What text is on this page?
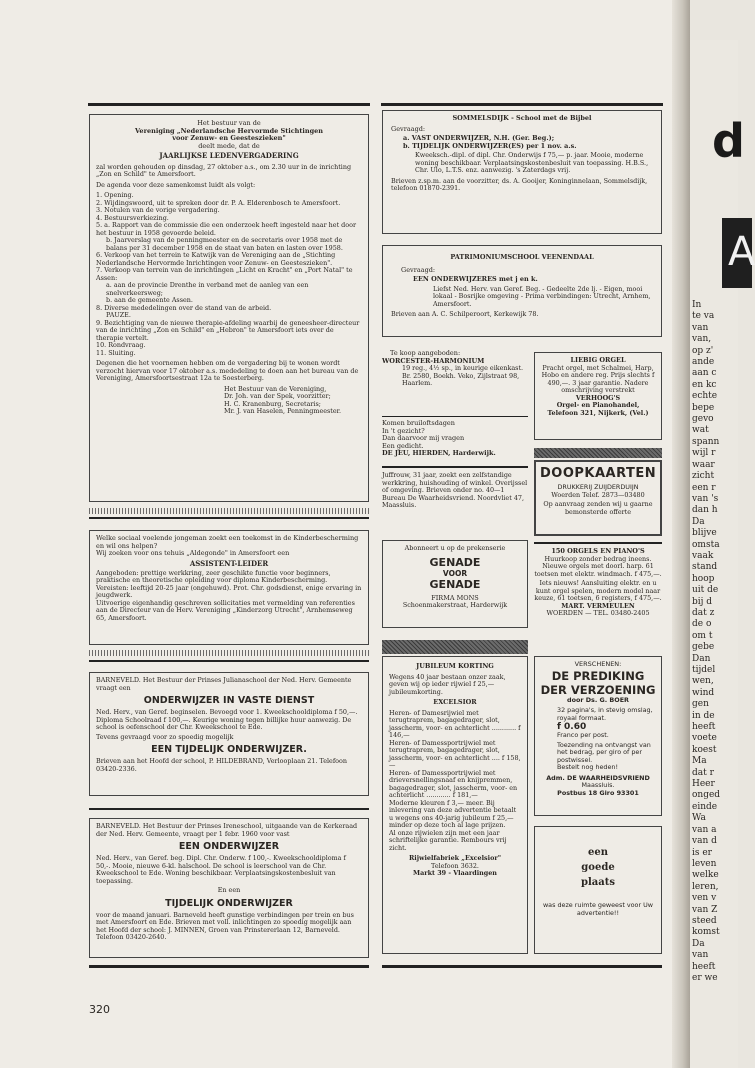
Het bestuur van de
Vereniging „Nederlandsche Hervormde Stichtingen
voor Zenuw- en Geesteszieken"
deelt mede, dat de
JAARLIJKSE LEDENVERGADERING

zal worden gehouden op dinsdag, 27 oktober a.s., om 2.30 uur in de inrichting „Zon en Schild" te Amersfoort.

De agenda voor deze samenkomst luidt als volgt:

1. Opening.
2. Wijdingswoord, uit te spreken door dr. P. A. Elderenbosch te Amersfoort.
3. Notulen van de vorige vergadering.
4. Bestuursverkiezing.
5. a. Rapport van de commissie die een onderzoek heeft ingesteld naar het door het bestuur in 1958 gevoerde beleid.
b. Jaarverslag van de penningmeester en de secretaris over 1958 met de balans per 31 december 1958 en de staat van baten en lasten over 1958.
6. Verkoop van het terrein te Katwijk van de Vereniging aan de „Stichting Nederlandsche Hervormde Inrichtingen voor Zenuw- en Geesteszieken".
7. Verkoop van terrein van de inrichtingen „Licht en Kracht" en „Port Natal" te Assen:
a. aan de provincie Drenthe in verband met de aanleg van een snelverkeersweg;
b. aan de gemeente Assen.
8. Diverse mededelingen over de stand van de arbeid.
PAUZE.
9. Bezichtiging van de nieuwe therapie-afdeling waarbij de geneesheer-directeur van de inrichting „Zon en Schild" en „Hebron" te Amersfoort iets over de therapie vertelt.
10. Rondvraag.
11. Sluiting.

Degenen die het voornemen hebben om de vergadering bij te wonen wordt verzocht hiervan voor 17 oktober a.s. mededeling te doen aan het bureau van de Vereniging, Amersfoortsestraat 12a te Soesterberg.

Het Bestuur van de Vereniging,
Dr. Joh. van der Spek, voorzitter;
H. C. Kranenburg, Secretaris;
Mr. J. van Haselen, Penningmeester.

Welke sociaal voelende jongeman zoekt een toekomst in de Kinderbescherming en wil ons helpen?

Wij zoeken voor ons tehuis „Aldegonde" in Amersfoort een

ASSISTENT-LEIDER

Aangeboden: prettige werkkring, zeer geschikte functie voor beginners, praktische en theoretische opleiding voor diploma Kinderbescherming.

Vereisten: leeftijd 20-25 jaar (ongehuwd). Prot. Chr. godsdienst, enige ervaring in jeugdwerk.

Uitvoerige eigenhandig geschreven sollicitaties met vermelding van referenties aan de Directeur van de Herv. Vereniging „Kinderzorg Utrecht", Arnhemseweg 65, Amersfoort.

BARNEVELD. Het Bestuur der Prinses Julianaschool der Ned. Herv. Gemeente vraagt een

ONDERWIJZER IN VASTE DIENST

Ned. Herv., van Geref. beginselen. Bevoegd voor 1. Kweekschooldiploma f 50,—. Diploma Schoolraad f 100,—. Keurige woning tegen billijke huur aanwezig. De school is oefenschool der Chr. Kweekschool te Ede.

Tevens gevraagd voor zo spoedig mogelijk

EEN TIJDELIJK ONDERWIJZER.

Brieven aan het Hoofd der school, P. HILDEBRAND, Verlooplaan 21. Telefoon 03420-2336.

BARNEVELD. Het Bestuur der Prinses Ireneschool, uitgaande van de Kerkeraad der Ned. Herv. Gemeente, vraagt per 1 febr. 1960 voor vast

EEN ONDERWIJZER

Ned. Herv., van Geref. beg. Dipl. Chr. Onderw. f 100,-. Kweekschooldiploma f 50,-. Mooie, nieuwe 6-kl. halschool. De school is leerschool van de Chr. Kweekschool te Ede. Woning beschikbaar. Verplaatsingskostenbesluit van toepassing.

En een
TIJDELIJK ONDERWIJZER

voor de maand januari. Barneveld heeft gunstige verbindingen per trein en bus met Amersfoort en Ede. Brieven met voll. inlichtingen zo spoedig mogelijk aan het Hoofd der school: J. MINNEN, Groen van Prinstererlaan 12, Barneveld. Telefoon 03420-2640.

SOMMELSDIJK - School met de Bijbel
Gevraagd:
a. VAST ONDERWIJZER, N.H. (Ger. Beg.);
b. TIJDELIJK ONDERWIJZER(ES) per 1 nov. a.s.

Kweeksch.-dipl. of dipl. Chr. Onderwijs f 75,— p. jaar. Mooie, moderne woning beschikbaar. Verplaatsingskostenbesluit van toepassing. H.B.S., Chr. Ulo, L.T.S. enz. aanwezig. 's Zaterdags vrij.

Brieven z.sp.m. aan de voorzitter, ds. A. Gooijer, Koninginnelaan, Sommelsdijk, telefoon 01870-2391.

PATRIMONIUMSCHOOL VEENENDAAL
Gevraagd:
EEN ONDERWIJZERES met j en k.

Liefst Ned. Herv. van Geref. Beg. - Gedeelte 2de lj. - Eigen, mooi lokaal - Bosrijke omgeving - Prima verbindingen: Utrecht, Arnhem, Amersfoort.

Brieven aan A. C. Schilperoort, Kerkewijk 78.

Te koop aangeboden:
WORCESTER-HARMONIUM

19 reg., 4½ sp., in keurige eikenkast. Br. 2580, Boekh. Veko, Zijlstraat 98, Haarlem.

Komen bruiloftsdagen
In 't gezicht?
Dan daarvoor mij vragen
Een gedicht.

DE JEU, HIERDEN, Harderwijk.

Juffrouw, 31 jaar, zoekt een zelfstandige werkkring, huishouding of winkel. Overijssel of omgeving. Brieven onder no. 40—1 Bureau De Waarheidsvriend. Noordvliet 47, Maassluis.

Abonneert u op de prekenserie
GENADE
VOOR
GENADE
FIRMA MONS
Schoenmakerstraat, Harderwijk
JUBILEUM KORTING

Wegens 40 jaar bestaan onzer zaak, geven wij op ieder rijwiel f 25,— jubileumkorting.

EXCELSIOR

Heren- of Damesrijwiel met terugtraprem, bagagedrager, slot, jasscherm, voor- en achterlicht ............ f 146,—

Heren- of Damessportrijwiel met terugtraprem, bagagedrager, slot, jasscherm, voor- en achterlicht .... f 158,—

Heren- of Damessportrijwiel met drieversnellingsnaaf en knijpremmen, bagagedrager, slot, jasscherm, voor- en achterlicht ............ f 181,—

Moderne kleuren f 3,— meer. Bij inlevering van deze advertentie betaalt u wegens ons 40-jarig jubileum f 25,— minder op deze toch al lage prijzen.

Al onze rijwielen zijn met een jaar schriftelijke garantie. Rembours vrij zicht.

Rijwielfabriek „Excelsior"
Telefoon 3632.
Markt 39 - Vlaardingen
LIEBIG ORGEL

Pracht orgel, met Schalmei, Harp, Hobo en andere reg. Prijs slechts f 490,—. 3 jaar garantie. Nadere omschrijving verstrekt

VERHOOG'S
Orgel- en Pianohandel,
Telefoon 321, Nijkerk, (Vel.)
DOOPKAARTEN
DRUKKERIJ ZUIJDERDUIJN
Woerden Telef. 2873—03480
Op aanvraag zenden wij u gaarne bemonsterde offerte
150 ORGELS EN PIANO'S

Huurkoop zonder bedrag ineens. Nieuwe orgels met doorl. harp. 61 toetsen met elektr. windmach. f 475,—.

Iets nieuws! Aansluiting elektr. en u kunt orgel spelen, modern model naar keuze, 61 toetsen, 6 registers, f 475,—.

MART. VERMEULEN
WOERDEN — TEL. 03480-2405
VERSCHENEN:
DE PREDIKING
DER VERZOENING
door Ds. G. BOER

32 pagina's, in stevig omslag, royaal formaat.

f 0.60
Franco per post.

Toezending na ontvangst van het bedrag, per giro of per postwissel.

Bestelt nog heden!
Adm. DE WAARHEIDSVRIEND
Maassluis.
Postbus 18 Giro 93301
een
goede
plaats

was deze ruimte geweest voor Uw advertentie!!

320
d
A
In
te va
van
van,
op z'
ande
aan c
en kc
echte
bepe
gevo
wat
spann
wijl r
waar
zicht
een r
van 's
dan h
Da
blijve
omsta
vaak
stand
hoop
uit de
bij d
dat z
de o
om t
gebe
Dan
tijdel
wen,
wind
gen
in de
heeft
voete
koest
Ma
dat r
Heer
onged
einde
Wa
van a
van d
is er
leven
welke
leren,
ven v
van Z
steed
komst
Da
van
heeft
er we
